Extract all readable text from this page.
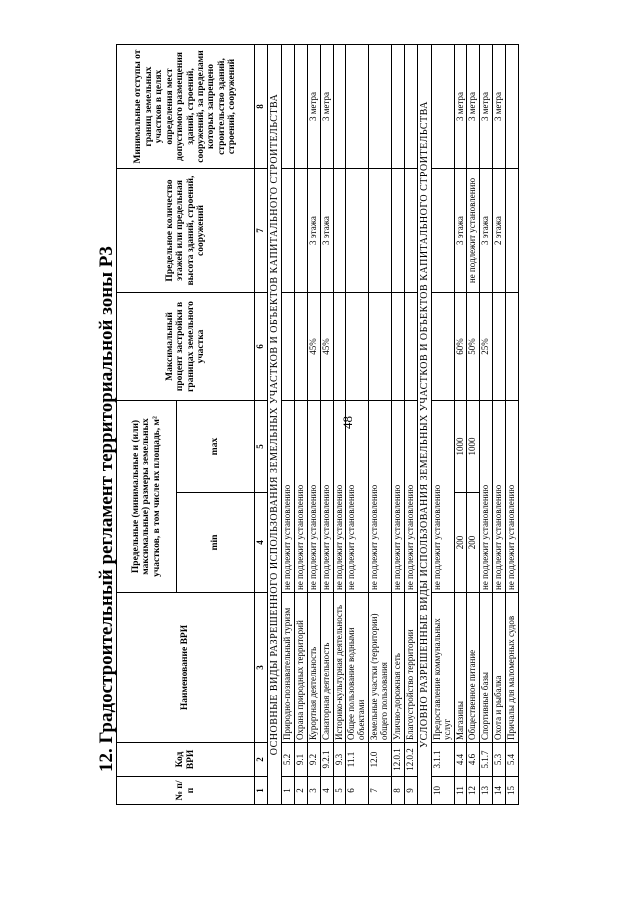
48
12. Градостроительный регламент территориальной зоны Р3
№ п/п	Код ВРИ	Наименование ВРИ	Предельные (минимальные и (или) максимальные) размеры земельных участков, в том числе их площадь, м²		Максимальный процент застройки в границах земельного участка	Предельное количество этажей или предельная высота зданий, строений, сооружений	Минимальные отступы от границ земельных участков в целях определения мест допустимого размещения зданий, строений, сооружений, за пределами которых запрещено строительство зданий, строений, сооружений
			min	max			
1	2	3	4	5	6	7	8
ОСНОВНЫЕ ВИДЫ РАЗРЕШЕННОГО ИСПОЛЬЗОВАНИЯ ЗЕМЕЛЬНЫХ УЧАСТКОВ И ОБЪЕКТОВ КАПИТАЛЬНОГО СТРОИТЕЛЬСТВА							
1	5.2	Природно-познавательный туризм	не подлежит установлению				
2	9.1	Охрана природных территорий	не подлежит установлению				
3	9.2	Курортная деятельность	не подлежит установлению		45%	3 этажа	3 метра
4	9.2.1	Санаторная деятельность	не подлежит установлению		45%	3 этажа	3 метра
5	9.3	Историко-культурная деятельность	не подлежит установлению				
6	11.1	Общее пользование водными объектами	не подлежит установлению				
7	12.0	Земельные участки (территории) общего пользования	не подлежит установлению				
8	12.0.1	Улично-дорожная сеть	не подлежит установлению				
9	12.0.2	Благоустройство территории	не подлежит установлению				
УСЛОВНО РАЗРЕШЕННЫЕ ВИДЫ ИСПОЛЬЗОВАНИЯ ЗЕМЕЛЬНЫХ УЧАСТКОВ И ОБЪЕКТОВ КАПИТАЛЬНОГО СТРОИТЕЛЬСТВА							
10	3.1.1	Предоставление коммунальных услуг	не подлежит установлению				
11	4.4	Магазины	200	1000	60%	3 этажа	3 метра
12	4.6	Общественное питание	200	1000	50%	не подлежит установлению	3 метра
13	5.1.7	Спортивные базы	не подлежит установлению		25%	3 этажа	3 метра
14	5.3	Охота и рыбалка	не подлежит установлению			2 этажа	3 метра
15	5.4	Причалы для маломерных судов	не подлежит установлению				
